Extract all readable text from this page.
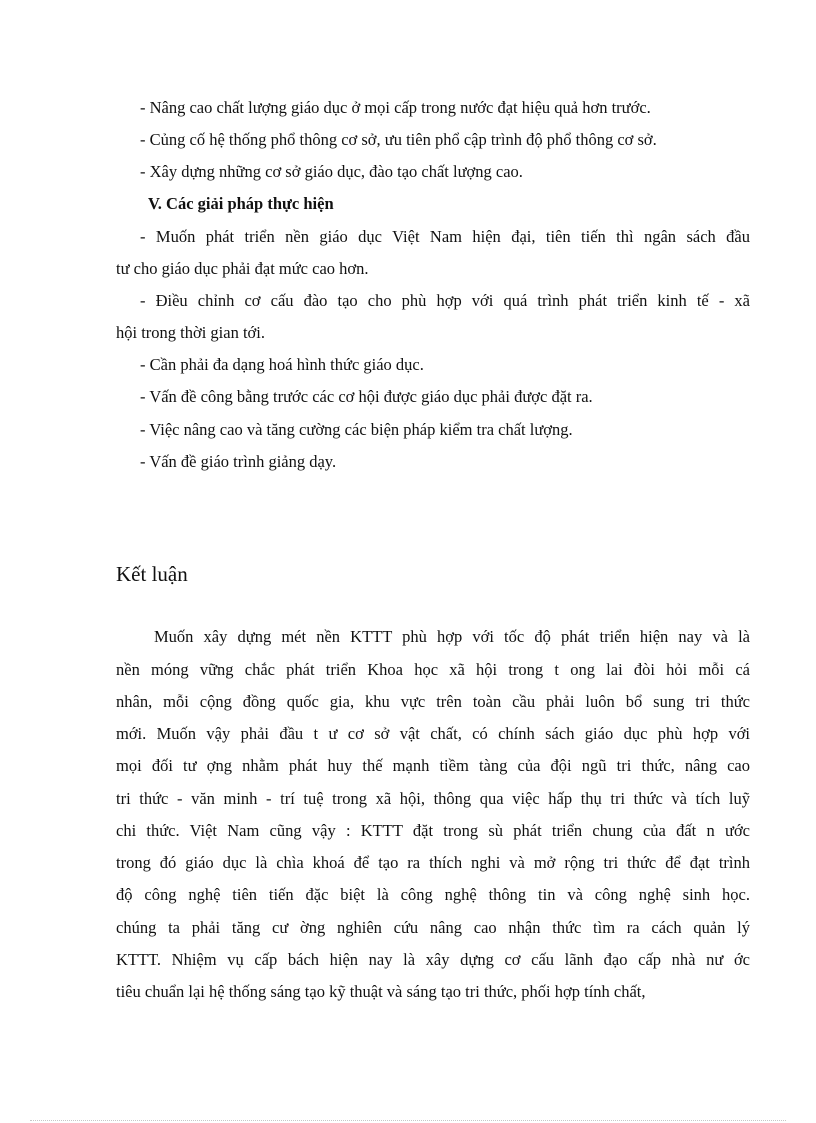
- Nâng cao chất lượng giáo dục ở mọi cấp trong nước đạt hiệu quả hơn trước.
- Củng cố hệ thống phổ thông cơ sở, ưu tiên phổ cập trình độ phổ thông cơ sở.
- Xây dựng những cơ sở giáo dục, đào tạo chất lượng cao.
V. Các giải pháp thực hiện
- Muốn phát triển nền giáo dục Việt Nam hiện đại, tiên tiến thì ngân sách đầu
tư cho giáo dục phải đạt mức cao hơn.
- Điều chỉnh cơ cấu đào tạo cho phù hợp với quá trình phát triển kinh tế - xã
hội trong thời gian tới.
- Cần phải đa dạng hoá hình thức giáo dục.
- Vấn đề công bằng trước các cơ hội được giáo dục phải được đặt ra.
- Việc nâng cao và tăng cường các biện pháp kiểm tra chất lượng.
- Vấn đề giáo trình giảng dạy.
Kết luận
Muốn xây dựng mét nền KTTT phù hợp với tốc độ phát triển hiện nay và là
nền móng vững chắc phát triển Khoa học xã hội trong t ong lai đòi hỏi mỗi cá
nhân, mỗi cộng đồng quốc gia, khu vực trên toàn cầu phải luôn bổ sung tri thức
mới. Muốn vậy phải đầu t ư cơ sở vật chất, có chính sách giáo dục phù hợp với
mọi đối tư ợng nhằm phát huy thế mạnh tiềm tàng của đội ngũ tri thức, nâng cao
tri thức - văn minh - trí tuệ trong xã hội, thông qua việc hấp thụ tri thức và tích luỹ
chi thức. Việt Nam cũng vậy : KTTT đặt trong sù phát triển chung của đất n ước
trong đó giáo dục là chìa khoá để tạo ra thích nghi và mở rộng tri thức để đạt trình
độ công nghệ tiên tiến đặc biệt là công nghệ thông tin và công nghệ sinh học.
chúng ta phải tăng cư ờng nghiên cứu nâng cao nhận thức tìm ra cách quản lý
KTTT. Nhiệm vụ cấp bách hiện nay là xây dựng cơ cấu lãnh đạo cấp nhà nư ớc
tiêu chuẩn lại hệ thống sáng tạo kỹ thuật và sáng tạo tri thức, phối hợp tính chất,
